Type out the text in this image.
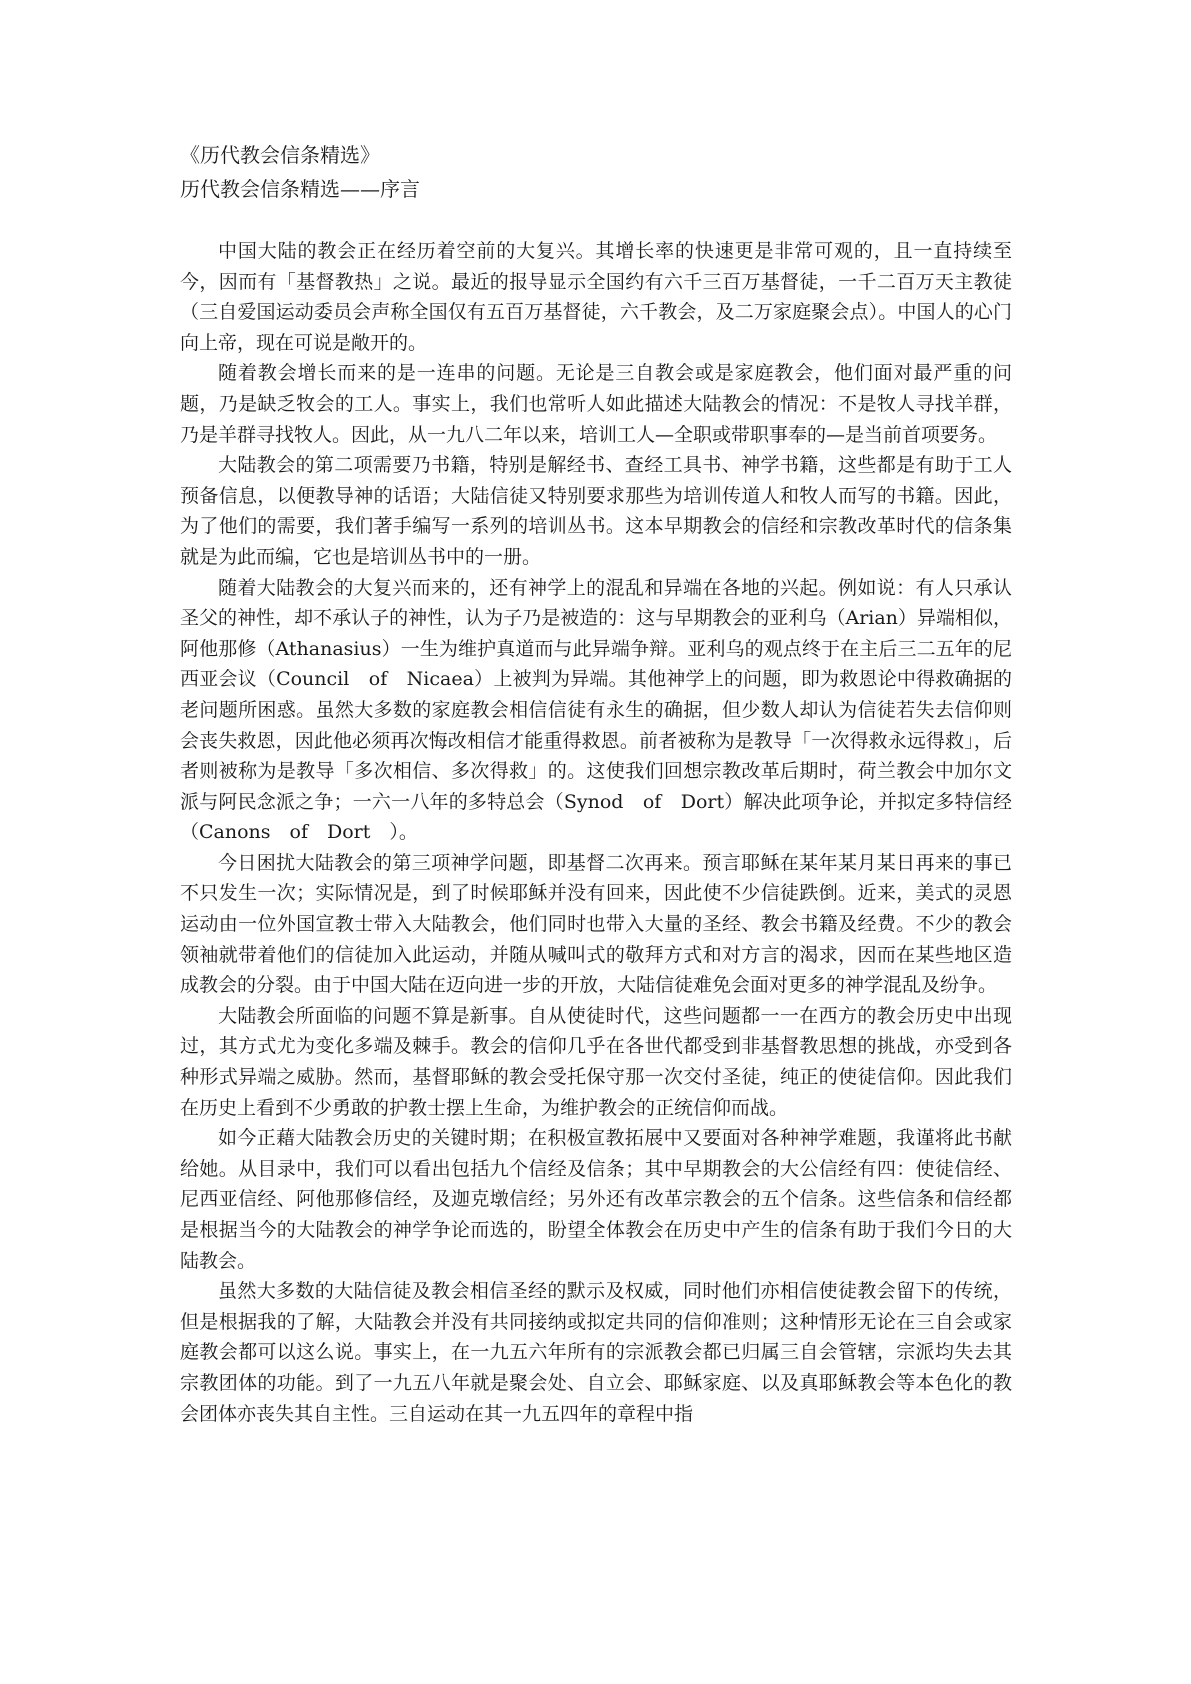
《历代教会信条精选》
历代教会信条精选——序言

中国大陆的教会正在经历着空前的大复兴。其增长率的快速更是非常可观的，且一直持续至今，因而有「基督教热」之说。最近的报导显示全国约有六千三百万基督徒，一千二百万天主教徒（三自爱国运动委员会声称全国仅有五百万基督徒，六千教会，及二万家庭聚会点）。中国人的心门向上帝，现在可说是敞开的。

随着教会增长而来的是一连串的问题。无论是三自教会或是家庭教会，他们面对最严重的问题，乃是缺乏牧会的工人。事实上，我们也常听人如此描述大陆教会的情况：不是牧人寻找羊群，乃是羊群寻找牧人。因此，从一九八二年以来，培训工人—全职或带职事奉的—是当前首项要务。

大陆教会的第二项需要乃书籍，特别是解经书、查经工具书、神学书籍，这些都是有助于工人预备信息，以便教导神的话语；大陆信徒又特别要求那些为培训传道人和牧人而写的书籍。因此，为了他们的需要，我们著手编写一系列的培训丛书。这本早期教会的信经和宗教改革时代的信条集就是为此而编，它也是培训丛书中的一册。

随着大陆教会的大复兴而来的，还有神学上的混乱和异端在各地的兴起。例如说：有人只承认圣父的神性，却不承认子的神性，认为子乃是被造的：这与早期教会的亚利乌（Arian）异端相似，阿他那修（Athanasius）一生为维护真道而与此异端争辩。亚利乌的观点终于在主后三二五年的尼西亚会议（Council　of　Nicaea）上被判为异端。其他神学上的问题，即为救恩论中得救确据的老问题所困惑。虽然大多数的家庭教会相信信徒有永生的确据，但少数人却认为信徒若失去信仰则会丧失救恩，因此他必须再次悔改相信才能重得救恩。前者被称为是教导「一次得救永远得救」，后者则被称为是教导「多次相信、多次得救」的。这使我们回想宗教改革后期时，荷兰教会中加尔文派与阿民念派之争；一六一八年的多特总会（Synod　of　Dort）解决此项争论，并拟定多特信经（Canons　of　Dort　）。

今日困扰大陆教会的第三项神学问题，即基督二次再来。预言耶稣在某年某月某日再来的事已不只发生一次；实际情况是，到了时候耶稣并没有回来，因此使不少信徒跌倒。近来，美式的灵恩运动由一位外国宣教士带入大陆教会，他们同时也带入大量的圣经、教会书籍及经费。不少的教会领袖就带着他们的信徒加入此运动，并随从喊叫式的敬拜方式和对方言的渴求，因而在某些地区造成教会的分裂。由于中国大陆在迈向进一步的开放，大陆信徒难免会面对更多的神学混乱及纷争。

大陆教会所面临的问题不算是新事。自从使徒时代，这些问题都一一在西方的教会历史中出现过，其方式尤为变化多端及棘手。教会的信仰几乎在各世代都受到非基督教思想的挑战，亦受到各种形式异端之威胁。然而，基督耶稣的教会受托保守那一次交付圣徒，纯正的使徒信仰。因此我们在历史上看到不少勇敢的护教士摆上生命，为维护教会的正统信仰而战。

如今正藉大陆教会历史的关键时期；在积极宣教拓展中又要面对各种神学难题，我谨将此书献给她。从目录中，我们可以看出包括九个信经及信条；其中早期教会的大公信经有四：使徒信经、尼西亚信经、阿他那修信经，及迦克墩信经；另外还有改革宗教会的五个信条。这些信条和信经都是根据当今的大陆教会的神学争论而选的，盼望全体教会在历史中产生的信条有助于我们今日的大陆教会。

虽然大多数的大陆信徒及教会相信圣经的默示及权威，同时他们亦相信使徒教会留下的传统，但是根据我的了解，大陆教会并没有共同接纳或拟定共同的信仰准则；这种情形无论在三自会或家庭教会都可以这么说。事实上，在一九五六年所有的宗派教会都已归属三自会管辖，宗派均失去其宗教团体的功能。到了一九五八年就是聚会处、自立会、耶稣家庭、以及真耶稣教会等本色化的教会团体亦丧失其自主性。三自运动在其一九五四年的章程中指
